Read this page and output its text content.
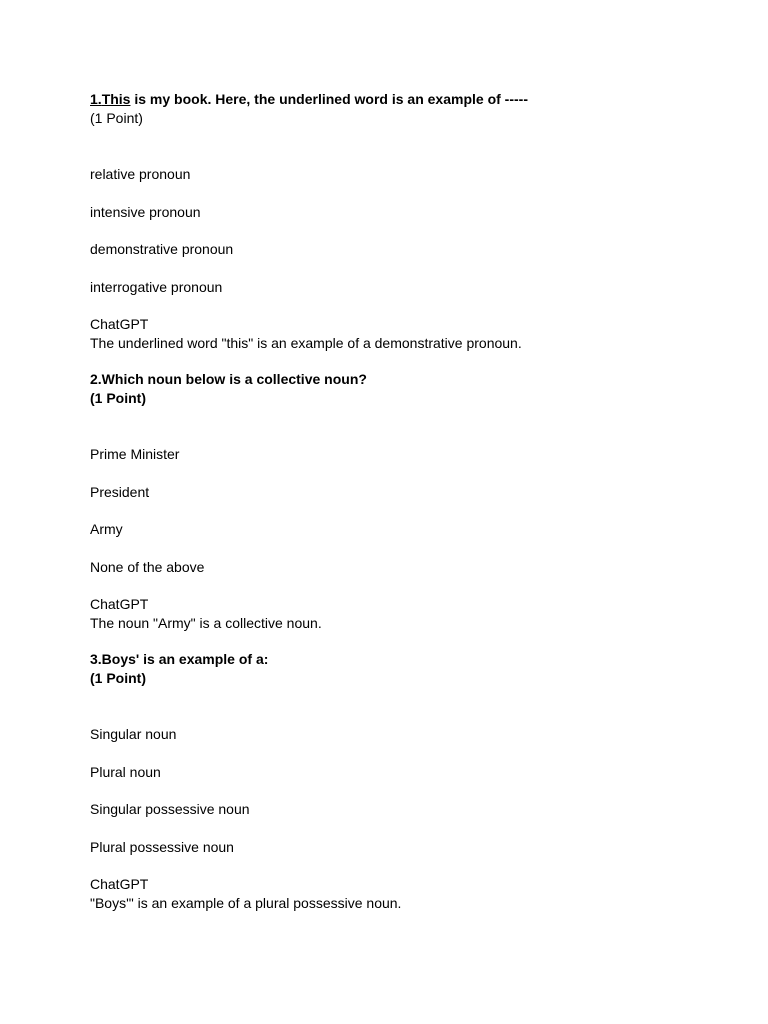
1.This is my book. Here, the underlined word is an example of -----
(1 Point)
relative pronoun
intensive pronoun
demonstrative pronoun
interrogative pronoun
ChatGPT
The underlined word "this" is an example of a demonstrative pronoun.
2.Which noun below is a collective noun?
(1 Point)
Prime Minister
President
Army
None of the above
ChatGPT
The noun "Army" is a collective noun.
3.Boys' is an example of a:
(1 Point)
Singular noun
Plural noun
Singular possessive noun
Plural possessive noun
ChatGPT
"Boys'" is an example of a plural possessive noun.
